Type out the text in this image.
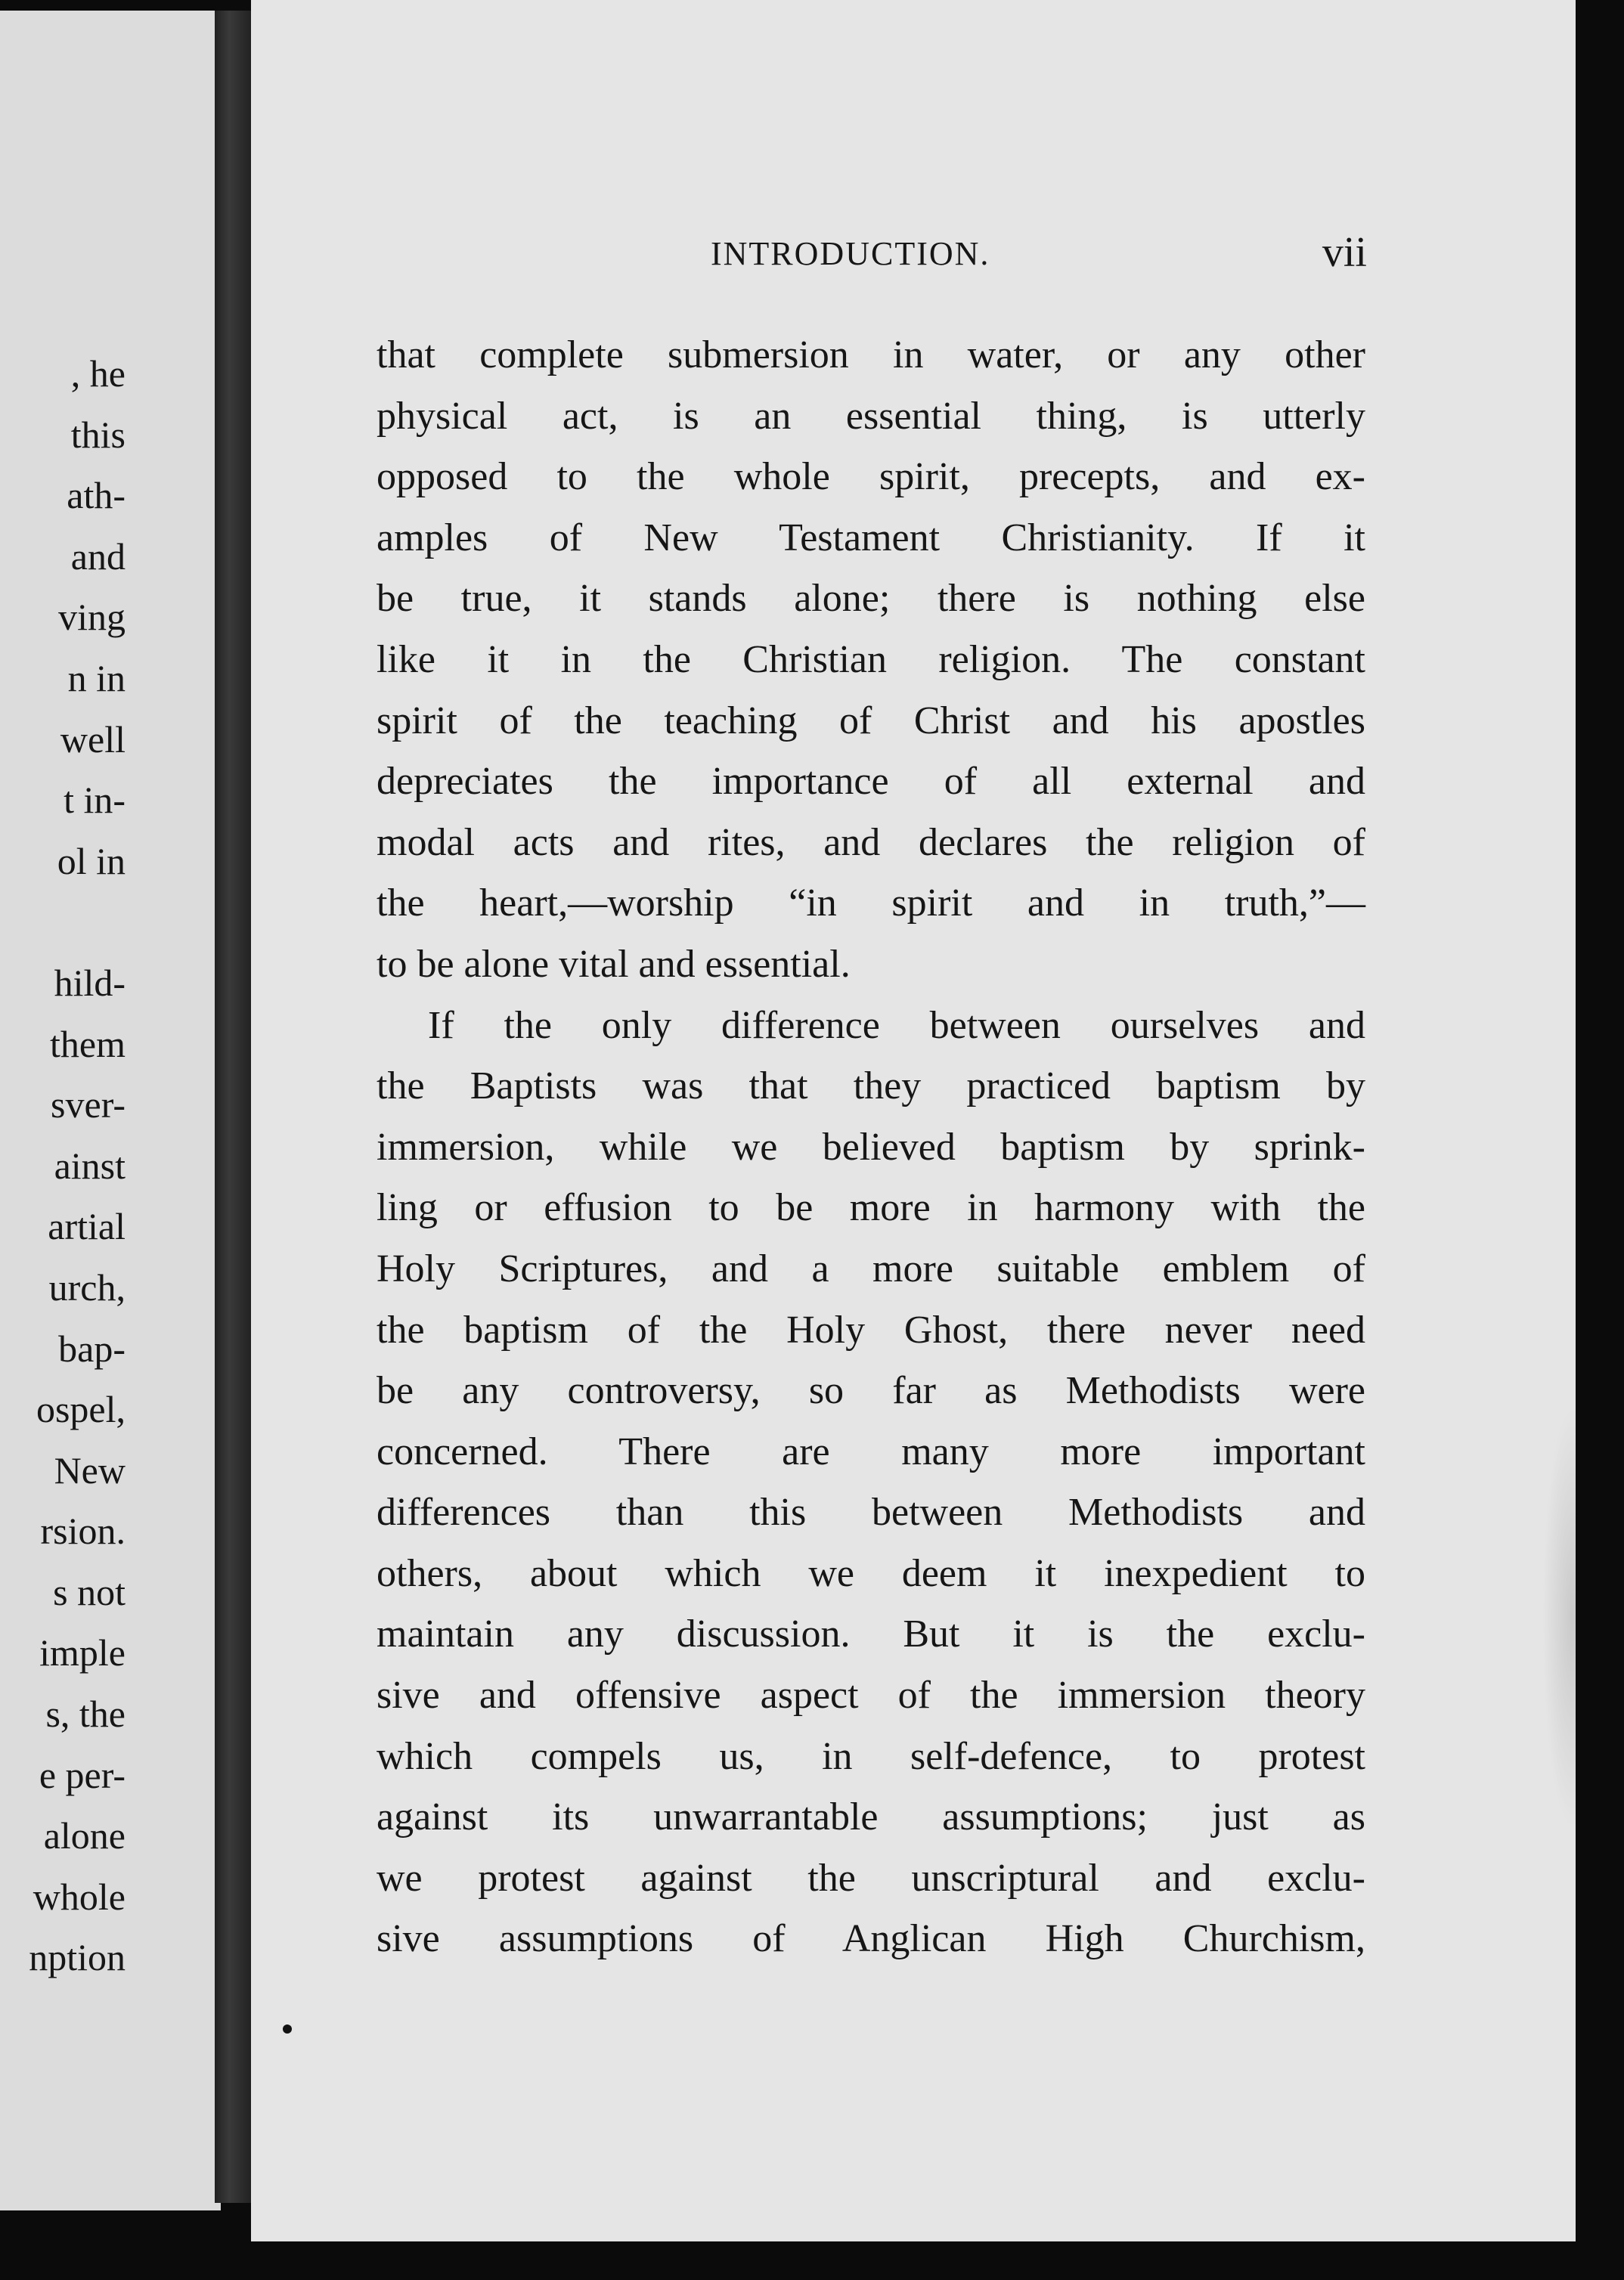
, he
this
ath-
and
ving
n in
well
t in-
ol in
hild-
them
sver-
ainst
artial
urch,
bap-
ospel,
New
rsion.
s not
imple
s, the
e per-
alone
whole
nption
INTRODUCTION.	vii
that complete submersion in water, or any other
physical act, is an essential thing, is utterly
opposed to the whole spirit, precepts, and ex-
amples of New Testament Christianity. If it
be true, it stands alone; there is nothing else
like it in the Christian religion. The constant
spirit of the teaching of Christ and his apostles
depreciates the importance of all external and
modal acts and rites, and declares the religion of
the heart,—worship “in spirit and in truth,”—
to be alone vital and essential.
If the only difference between ourselves and
the Baptists was that they practiced baptism by
immersion, while we believed baptism by sprink-
ling or effusion to be more in harmony with the
Holy Scriptures, and a more suitable emblem of
the baptism of the Holy Ghost, there never need
be any controversy, so far as Methodists were
concerned. There are many more important
differences than this between Methodists and
others, about which we deem it inexpedient to
maintain any discussion. But it is the exclu-
sive and offensive aspect of the immersion theory
which compels us, in self-defence, to protest
against its unwarrantable assumptions; just as
we protest against the unscriptural and exclu-
sive assumptions of Anglican High Churchism,
